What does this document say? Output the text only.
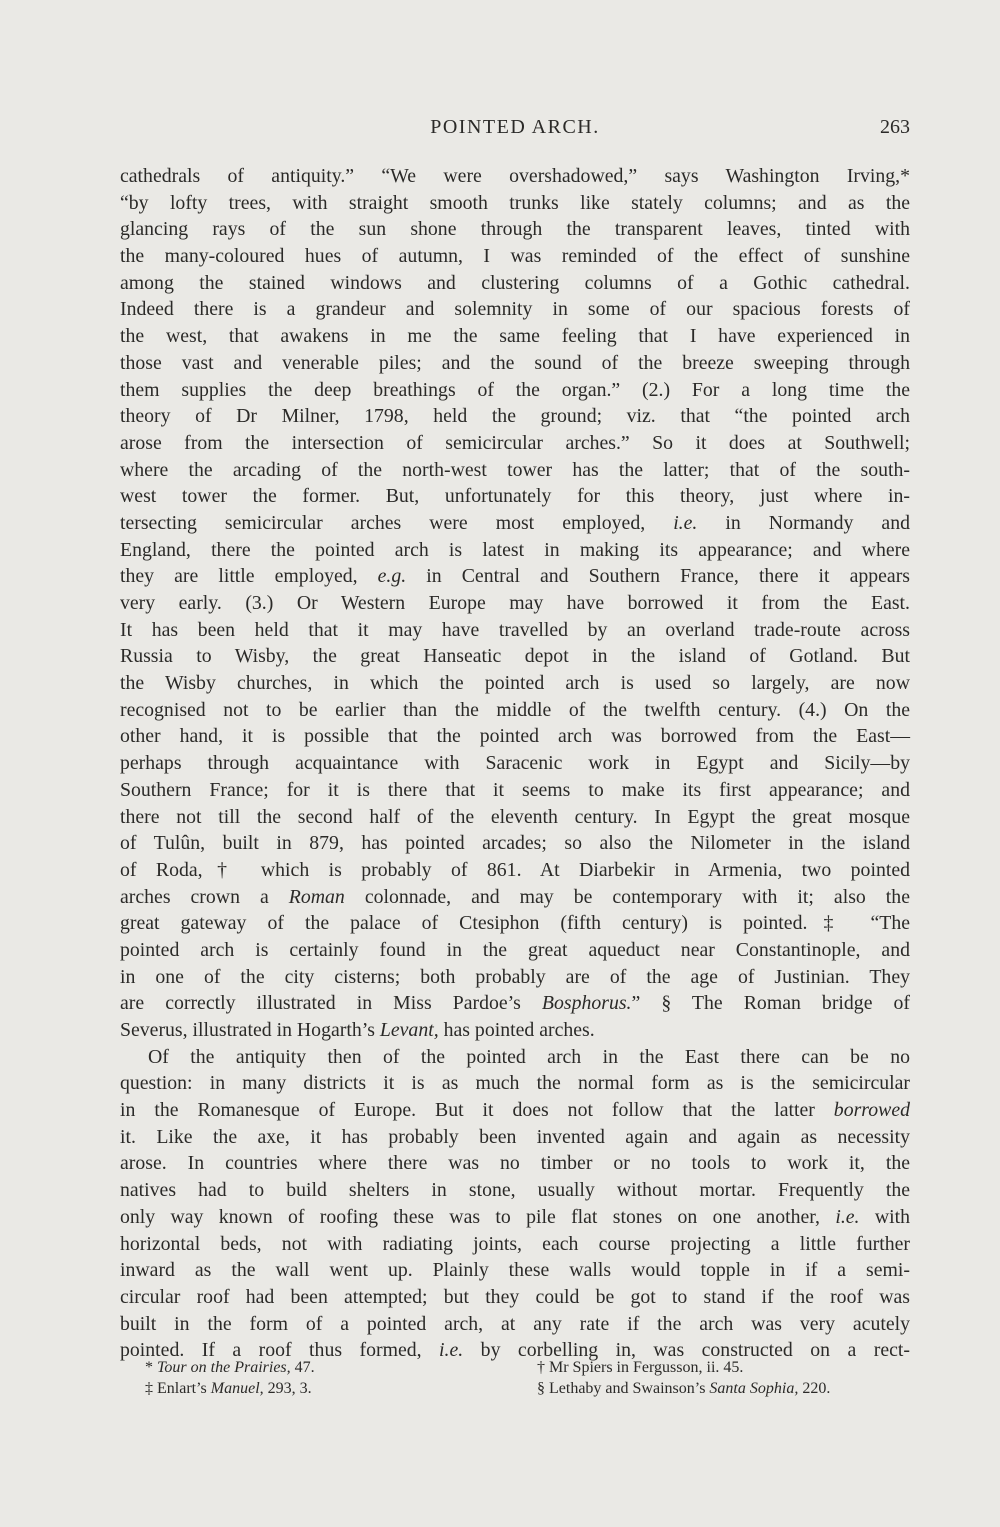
POINTED ARCH.	263
cathedrals of antiquity.” “We were overshadowed,” says Washington Irving,*
“by lofty trees, with straight smooth trunks like stately columns; and as the
glancing rays of the sun shone through the transparent leaves, tinted with
the many-coloured hues of autumn, I was reminded of the effect of sunshine
among the stained windows and clustering columns of a Gothic cathedral.
Indeed there is a grandeur and solemnity in some of our spacious forests of
the west, that awakens in me the same feeling that I have experienced in
those vast and venerable piles; and the sound of the breeze sweeping through
them supplies the deep breathings of the organ.” (2.) For a long time the
theory of Dr Milner, 1798, held the ground; viz. that “the pointed arch
arose from the intersection of semicircular arches.” So it does at Southwell;
where the arcading of the north-west tower has the latter; that of the south-
west tower the former. But, unfortunately for this theory, just where in-
tersecting semicircular arches were most employed, i.e. in Normandy and
England, there the pointed arch is latest in making its appearance; and where
they are little employed, e.g. in Central and Southern France, there it appears
very early. (3.) Or Western Europe may have borrowed it from the East.
It has been held that it may have travelled by an overland trade-route across
Russia to Wisby, the great Hanseatic depot in the island of Gotland. But
the Wisby churches, in which the pointed arch is used so largely, are now
recognised not to be earlier than the middle of the twelfth century. (4.) On the
other hand, it is possible that the pointed arch was borrowed from the East—
perhaps through acquaintance with Saracenic work in Egypt and Sicily—by
Southern France; for it is there that it seems to make its first appearance; and
there not till the second half of the eleventh century. In Egypt the great mosque
of Tulûn, built in 879, has pointed arcades; so also the Nilometer in the island
of Roda,† which is probably of 861. At Diarbekir in Armenia, two pointed
arches crown a Roman colonnade, and may be contemporary with it; also the
great gateway of the palace of Ctesiphon (fifth century) is pointed.‡ “The
pointed arch is certainly found in the great aqueduct near Constantinople, and
in one of the city cisterns; both probably are of the age of Justinian. They
are correctly illustrated in Miss Pardoe’s Bosphorus.” § The Roman bridge of
Severus, illustrated in Hogarth’s Levant, has pointed arches.
Of the antiquity then of the pointed arch in the East there can be no
question: in many districts it is as much the normal form as is the semicircular
in the Romanesque of Europe. But it does not follow that the latter borrowed
it. Like the axe, it has probably been invented again and again as necessity
arose. In countries where there was no timber or no tools to work it, the
natives had to build shelters in stone, usually without mortar. Frequently the
only way known of roofing these was to pile flat stones on one another, i.e. with
horizontal beds, not with radiating joints, each course projecting a little further
inward as the wall went up. Plainly these walls would topple in if a semi-
circular roof had been attempted; but they could be got to stand if the roof was
built in the form of a pointed arch, at any rate if the arch was very acutely
pointed. If a roof thus formed, i.e. by corbelling in, was constructed on a rect-
* Tour on the Prairies, 47.	† Mr Spiers in Fergusson, ii. 45.
‡ Enlart’s Manuel, 293, 3.	§ Lethaby and Swainson’s Santa Sophia, 220.
